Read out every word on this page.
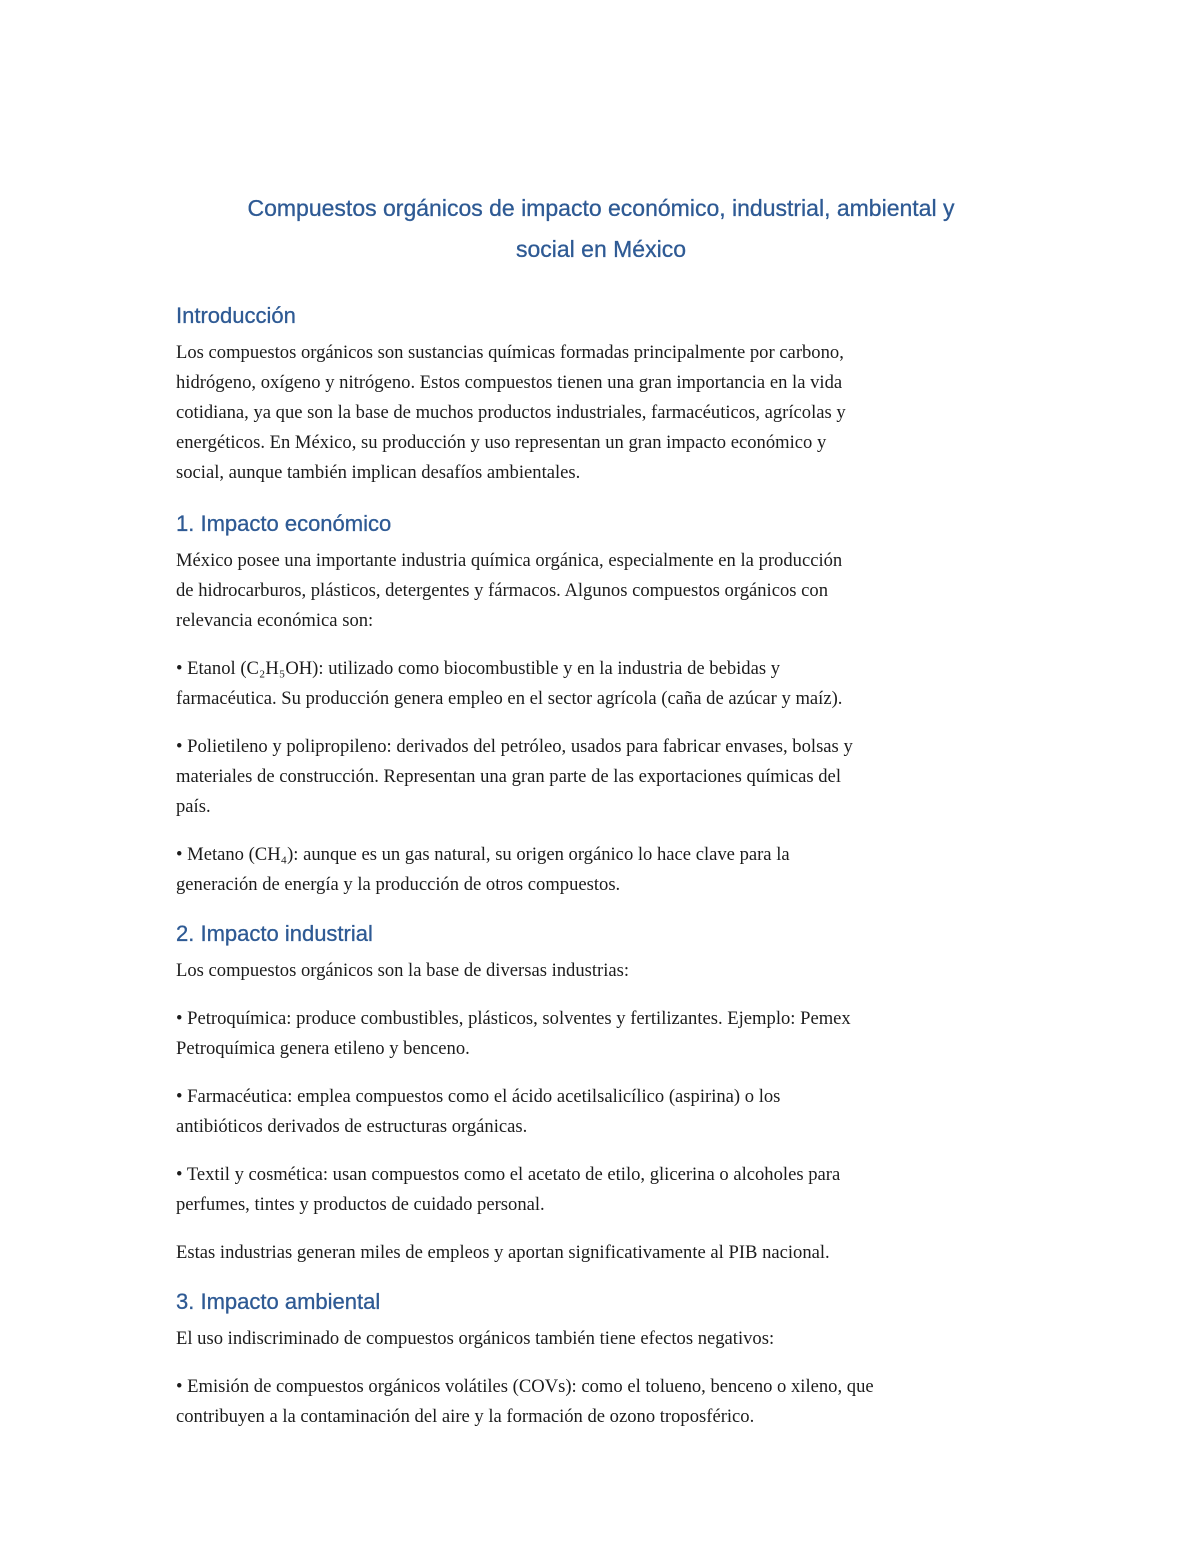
Compuestos orgánicos de impacto económico, industrial, ambiental y
social en México
Introducción

Los compuestos orgánicos son sustancias químicas formadas principalmente por carbono,
hidrógeno, oxígeno y nitrógeno. Estos compuestos tienen una gran importancia en la vida
cotidiana, ya que son la base de muchos productos industriales, farmacéuticos, agrícolas y
energéticos. En México, su producción y uso representan un gran impacto económico y
social, aunque también implican desafíos ambientales.

1. Impacto económico

México posee una importante industria química orgánica, especialmente en la producción
de hidrocarburos, plásticos, detergentes y fármacos. Algunos compuestos orgánicos con
relevancia económica son:

• Etanol (C₂H₅OH): utilizado como biocombustible y en la industria de bebidas y
farmacéutica. Su producción genera empleo en el sector agrícola (caña de azúcar y maíz).

• Polietileno y polipropileno: derivados del petróleo, usados para fabricar envases, bolsas y
materiales de construcción. Representan una gran parte de las exportaciones químicas del
país.

• Metano (CH₄): aunque es un gas natural, su origen orgánico lo hace clave para la
generación de energía y la producción de otros compuestos.

2. Impacto industrial

Los compuestos orgánicos son la base de diversas industrias:

• Petroquímica: produce combustibles, plásticos, solventes y fertilizantes. Ejemplo: Pemex
Petroquímica genera etileno y benceno.

• Farmacéutica: emplea compuestos como el ácido acetilsalicílico (aspirina) o los
antibióticos derivados de estructuras orgánicas.

• Textil y cosmética: usan compuestos como el acetato de etilo, glicerina o alcoholes para
perfumes, tintes y productos de cuidado personal.

Estas industrias generan miles de empleos y aportan significativamente al PIB nacional.

3. Impacto ambiental

El uso indiscriminado de compuestos orgánicos también tiene efectos negativos:

• Emisión de compuestos orgánicos volátiles (COVs): como el tolueno, benceno o xileno, que
contribuyen a la contaminación del aire y la formación de ozono troposférico.
